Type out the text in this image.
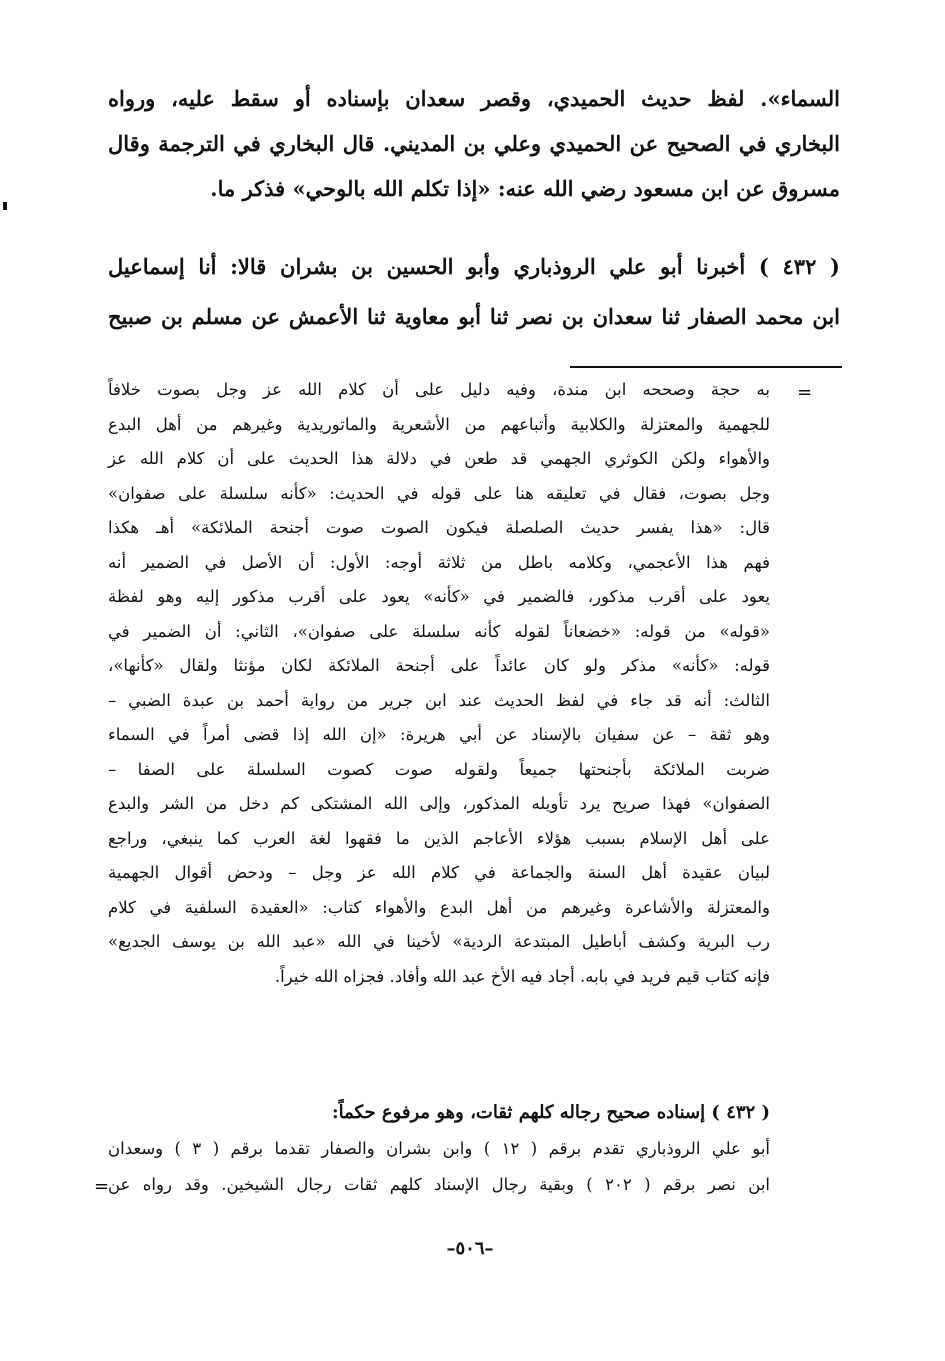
السماء». لفظ حديث الحميدي، وقصر سعدان بإسناده أو سقط عليه، ورواه
البخاري في الصحيح عن الحميدي وعلي بن المديني. قال البخاري في الترجمة وقال
مسروق عن ابن مسعود رضي الله عنه: «إذا تكلم الله بالوحي» فذكر ما.
( ٤٣٢ ) أخبرنا أبو علي الروذباري وأبو الحسين بن بشران قالا: أنا إسماعيل
ابن محمد الصفار ثنا سعدان بن نصر ثنا أبو معاوية ثنا الأعمش عن مسلم بن صبيح
=
به حجة وصححه ابن مندة، وفيه دليل على أن كلام الله عز وجل بصوت خلافاً
للجهمية والمعتزلة والكلابية وأتباعهم من الأشعرية والماتوريدية وغيرهم من أهل البدع
والأهواء ولكن الكوثري الجهمي قد طعن في دلالة هذا الحديث على أن كلام الله عز
وجل بصوت، فقال في تعليقه هنا على قوله في الحديث: «كأنه سلسلة على صفوان»
قال: «هذا يفسر حديث الصلصلة فيكون الصوت صوت أجنحة الملائكة» أهـ هكذا
فهم هذا الأعجمي، وكلامه باطل من ثلاثة أوجه: الأول: أن الأصل في الضمير أنه
يعود على أقرب مذكور، فالضمير في «كأنه» يعود على أقرب مذكور إليه وهو لفظة
«قوله» من قوله: «خضعاناً لقوله كأنه سلسلة على صفوان»، الثاني: أن الضمير في
قوله: «كأنه» مذكر ولو كان عائداً على أجنحة الملائكة لكان مؤنثا ولقال «كأنها»،
الثالث: أنه قد جاء في لفظ الحديث عند ابن جرير من رواية أحمد بن عبدة الضبي –
وهو ثقة – عن سفيان بالإسناد عن أبي هريرة: «إن الله إذا قضى أمراً في السماء
ضربت الملائكة بأجنحتها جميعاً ولقوله صوت كصوت السلسلة على الصفا –
الصفوان» فهذا صريح يرد تأويله المذكور، وإلى الله المشتكى كم دخل من الشر والبدع
على أهل الإسلام بسبب هؤلاء الأعاجم الذين ما فقهوا لغة العرب كما ينبغي، وراجع
لبيان عقيدة أهل السنة والجماعة في كلام الله عز وجل – ودحض أقوال الجهمية
والمعتزلة والأشاعرة وغيرهم من أهل البدع والأهواء كتاب: «العقيدة السلفية في كلام
رب البرية وكشف أباطيل المبتدعة الردية» لأخينا في الله «عبد الله بن يوسف الجديع»
فإنه كتاب قيم فريد في بابه. أجاد فيه الأخ عبد الله وأفاد. فجزاه الله خيراً.
( ٤٣٢ ) إسناده صحيح رجاله كلهم ثقات، وهو مرفوع حكماً:
أبو علي الروذباري تقدم برقم ( ١٢ ) وابن بشران والصفار تقدما برقم ( ٣ ) وسعدان
ابن نصر برقم ( ٢٠٢ ) وبقية رجال الإسناد كلهم ثقات رجال الشيخين. وقد رواه عن
=
–٥٠٦–
